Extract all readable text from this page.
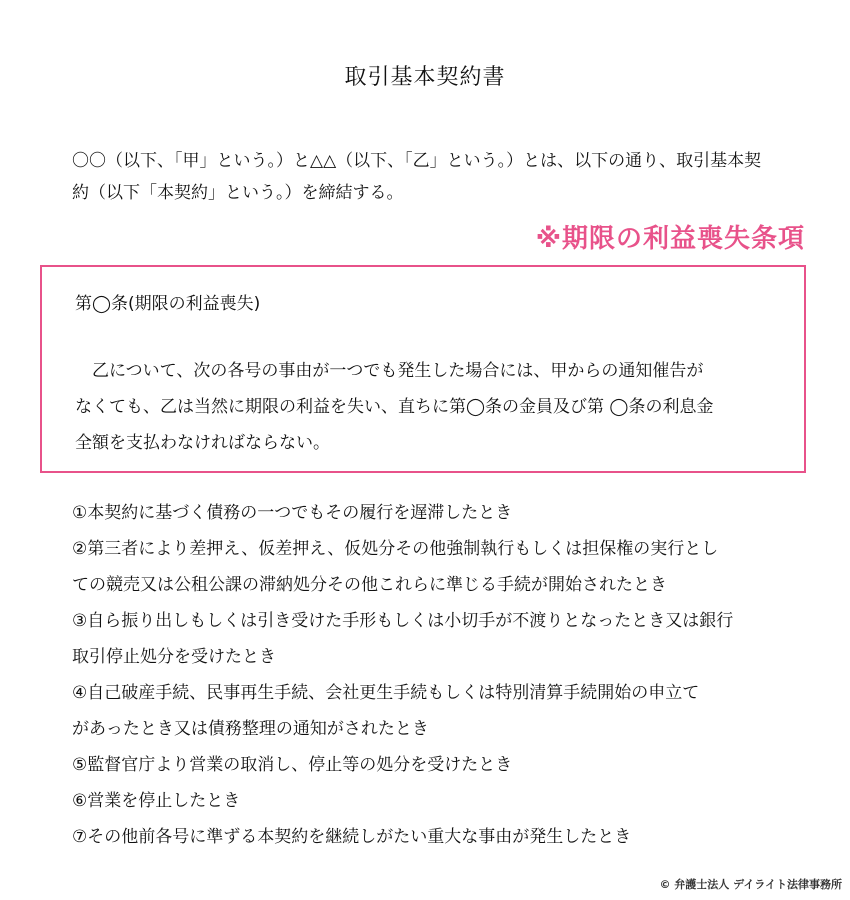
取引基本契約書
〇〇（以下、「甲」という。）と△△（以下、「乙」という。）とは、以下の通り、取引基本契
約（以下「本契約」という。）を締結する。
※期限の利益喪失条項
第◯条(期限の利益喪失)
　乙について、次の各号の事由が一つでも発生した場合には、甲からの通知催告が
なくても、乙は当然に期限の利益を失い、直ちに第◯条の金員及び第 ◯条の利息金
全額を支払わなければならない。
①本契約に基づく債務の一つでもその履行を遅滞したとき
②第三者により差押え、仮差押え、仮処分その他強制執行もしくは担保権の実行とし
ての競売又は公租公課の滞納処分その他これらに準じる手続が開始されたとき
③自ら振り出しもしくは引き受けた手形もしくは小切手が不渡りとなったとき又は銀行
取引停止処分を受けたとき
④自己破産手続、民事再生手続、会社更生手続もしくは特別清算手続開始の申立て
があったとき又は債務整理の通知がされたとき
⑤監督官庁より営業の取消し、停止等の処分を受けたとき
⑥営業を停止したとき
⑦その他前各号に準ずる本契約を継続しがたい重大な事由が発生したとき
© 弁護士法人 デイライト法律事務所
